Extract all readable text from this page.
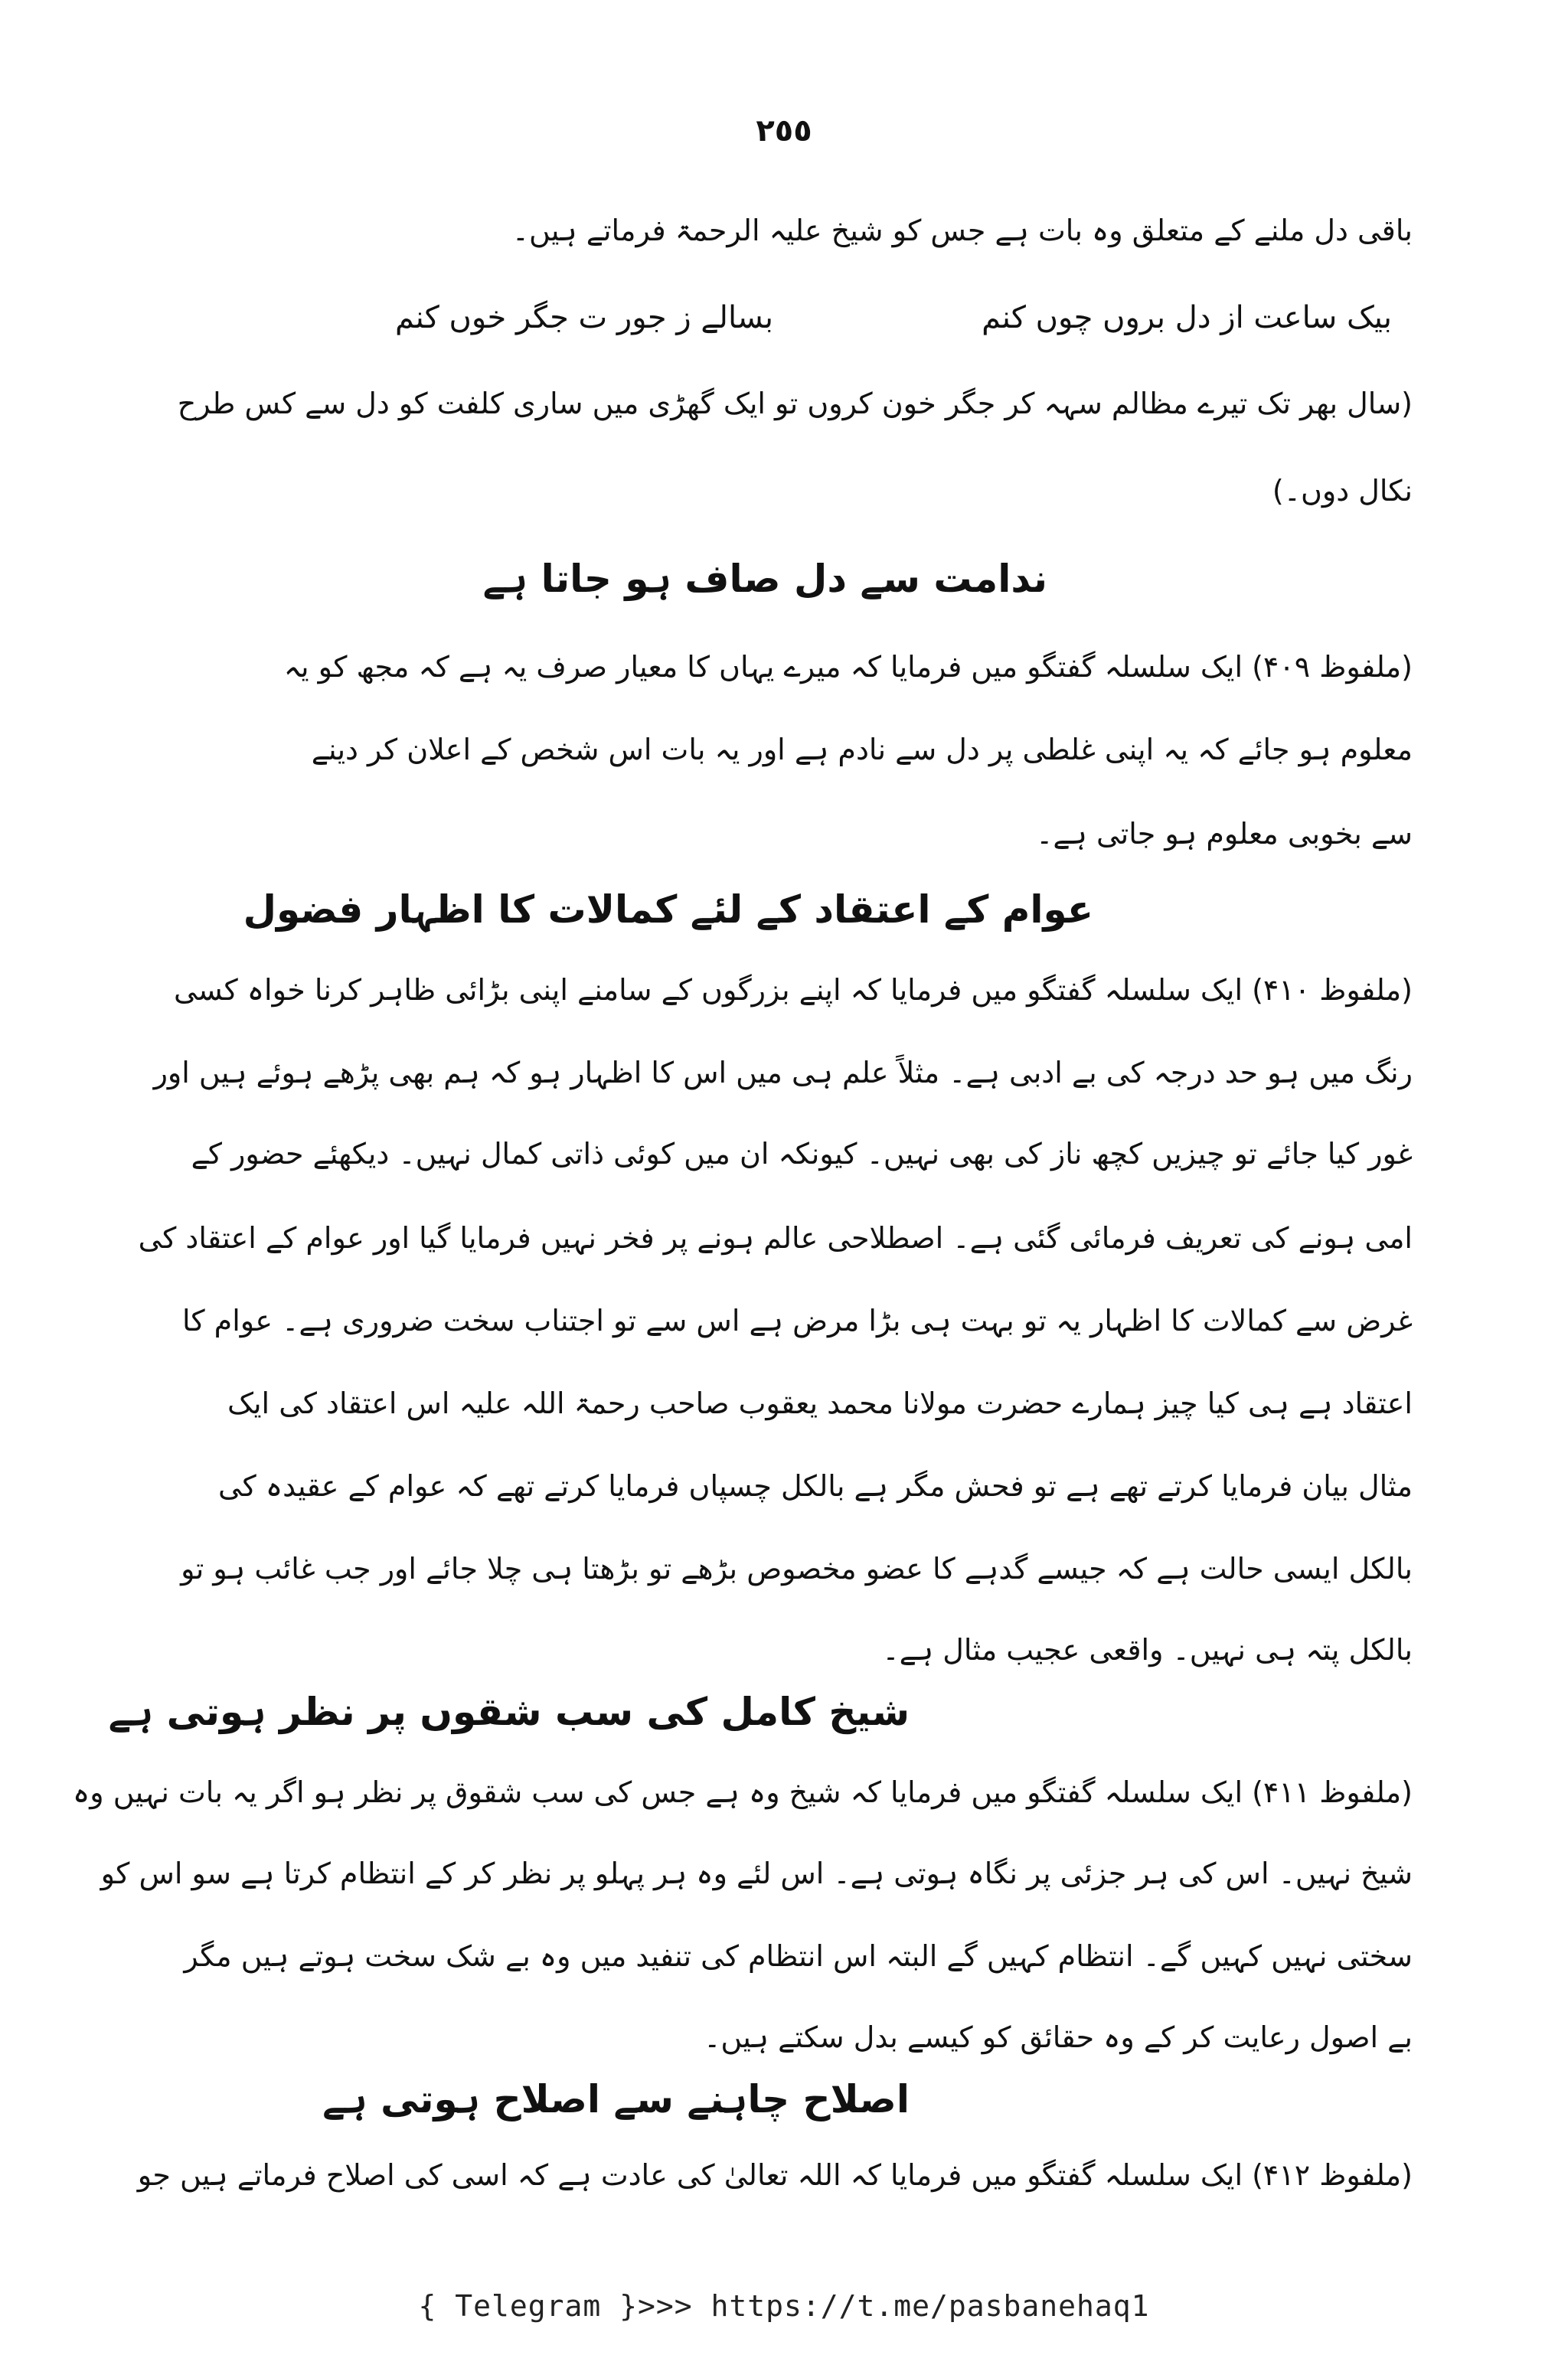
٢٥٥
باقی دل ملنے کے متعلق وہ بات ہے جس کو شیخ علیہ الرحمۃ فرماتے ہیں۔
بیک ساعت از دل بروں چوں کنم
بسالے ز جور ت جگر خوں کنم
(سال بھر تک تیرے مظالم سہہ کر جگر خون کروں تو ایک گھڑی میں ساری کلفت کو دل سے کس طرح
نکال دوں۔)
ندامت سے دل صاف ہو جاتا ہے
(ملفوظ ۴۰۹) ایک سلسلہ گفتگو میں فرمایا کہ میرے یہاں کا معیار صرف یہ ہے کہ مجھ کو یہ
معلوم ہو جائے کہ یہ اپنی غلطی پر دل سے نادم ہے اور یہ بات اس شخص کے اعلان کر دینے
سے بخوبی معلوم ہو جاتی ہے۔
عوام کے اعتقاد کے لئے کمالات کا اظہار فضول
(ملفوظ ۴۱۰) ایک سلسلہ گفتگو میں فرمایا کہ اپنے بزرگوں کے سامنے اپنی بڑائی ظاہر کرنا خواہ کسی
رنگ میں ہو حد درجہ کی بے ادبی ہے۔ مثلاً علم ہی میں اس کا اظہار ہو کہ ہم بھی پڑھے ہوئے ہیں اور
غور کیا جائے تو چیزیں کچھ ناز کی بھی نہیں۔ کیونکہ ان میں کوئی ذاتی کمال نہیں۔ دیکھئے حضور کے
امی ہونے کی تعریف فرمائی گئی ہے۔ اصطلاحی عالم ہونے پر فخر نہیں فرمایا گیا اور عوام کے اعتقاد کی
غرض سے کمالات کا اظہار یہ تو بہت ہی بڑا مرض ہے اس سے تو اجتناب سخت ضروری ہے۔ عوام کا
اعتقاد ہے ہی کیا چیز ہمارے حضرت مولانا محمد یعقوب صاحب رحمۃ اللہ علیہ اس اعتقاد کی ایک
مثال بیان فرمایا کرتے تھے ہے تو فحش مگر ہے بالکل چسپاں فرمایا کرتے تھے کہ عوام کے عقیدہ کی
بالکل ایسی حالت ہے کہ جیسے گدہے کا عضو مخصوص بڑھے تو بڑھتا ہی چلا جائے اور جب غائب ہو تو
بالکل پتہ ہی نہیں۔ واقعی عجیب مثال ہے۔
شیخ کامل کی سب شقوں پر نظر ہوتی ہے
(ملفوظ ۴۱۱) ایک سلسلہ گفتگو میں فرمایا کہ شیخ وہ ہے جس کی سب شقوق پر نظر ہو اگر یہ بات نہیں وہ
شیخ نہیں۔ اس کی ہر جزئی پر نگاہ ہوتی ہے۔ اس لئے وہ ہر پہلو پر نظر کر کے انتظام کرتا ہے سو اس کو
سختی نہیں کہیں گے۔ انتظام کہیں گے البتہ اس انتظام کی تنفید میں وہ بے شک سخت ہوتے ہیں مگر
بے اصول رعایت کر کے وہ حقائق کو کیسے بدل سکتے ہیں۔
اصلاح چاہنے سے اصلاح ہوتی ہے
(ملفوظ ۴۱۲) ایک سلسلہ گفتگو میں فرمایا کہ اللہ تعالیٰ کی عادت ہے کہ اسی کی اصلاح فرماتے ہیں جو
{ Telegram }>>> https://t.me/pasbanehaq1
